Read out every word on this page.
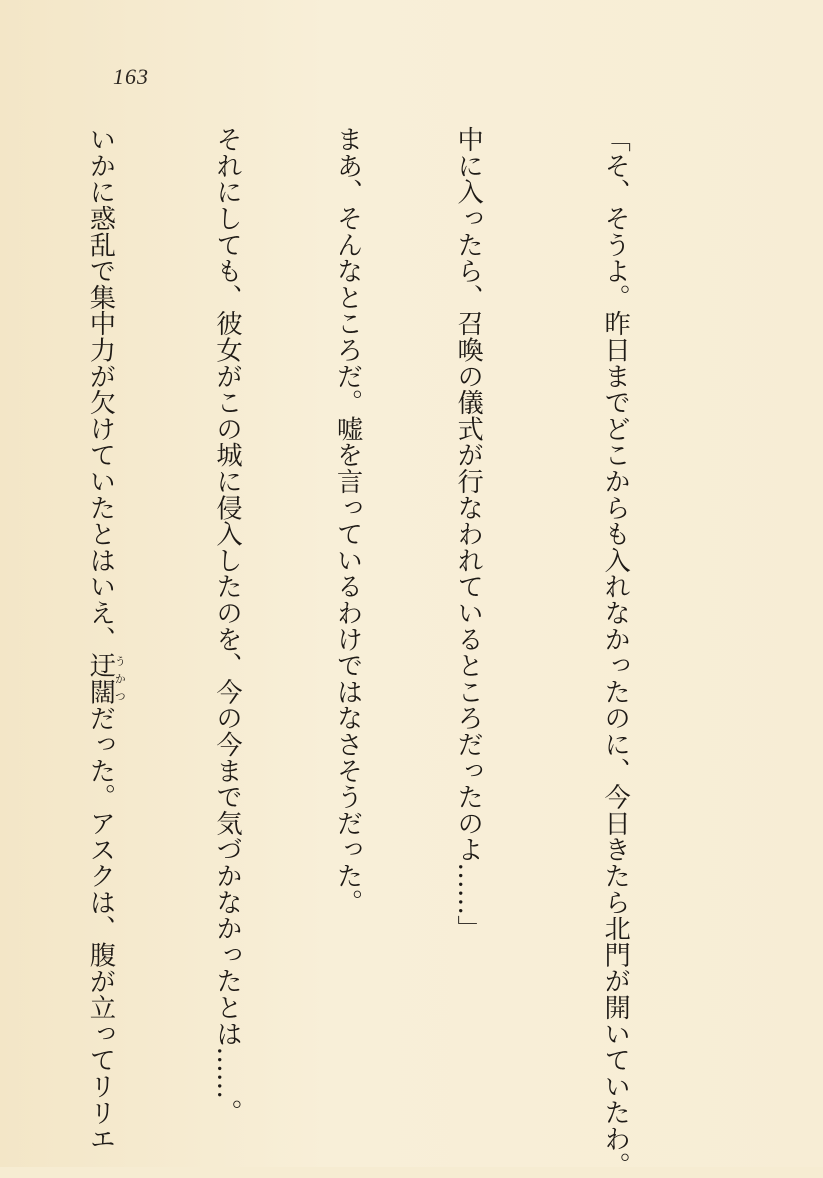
163

「そ、そうよ。昨日までどこからも入れなかったのに、今日きたら北門が開いていたわ。

中に入ったら、召喚の儀式が行なわれているところだったのよ……」

まあ、そんなところだ。嘘を言っているわけではなさそうだった。

それにしても、彼女がこの城に侵入したのを、今の今まで気づかなかったとは……。

いかに惑乱で集中力が欠けていたとはいえ、迂闊うかつだった。アスクは、腹が立ってリリエ
